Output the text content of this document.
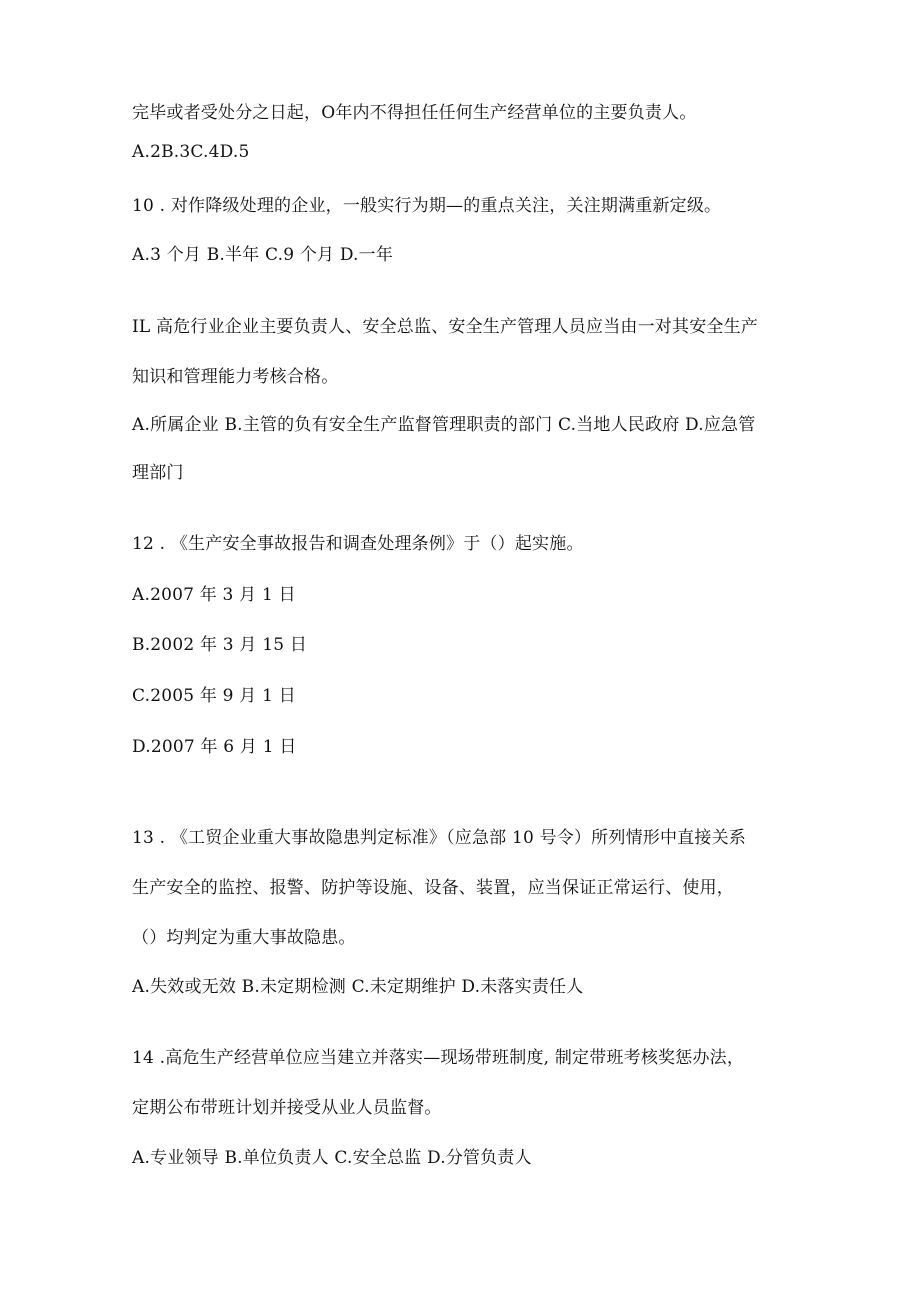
完毕或者受处分之日起，O年内不得担任任何生产经营单位的主要负责人。
A.2B.3C.4D.5
10 . 对作降级处理的企业，一般实行为期—的重点关注，关注期满重新定级。
A.3 个月 B.半年 C.9 个月 D.一年
IL 高危行业企业主要负责人、安全总监、安全生产管理人员应当由一对其安全生产
知识和管理能力考核合格。
A.所属企业 B.主管的负有安全生产监督管理职责的部门 C.当地人民政府 D.应急管
理部门
12 . 《生产安全事故报告和调查处理条例》于（）起实施。
A.2007 年 3 月 1 日
B.2002 年 3 月 15 日
C.2005 年 9 月 1 日
D.2007 年 6 月 1 日
13 . 《工贸企业重大事故隐患判定标准》（应急部 10 号令）所列情形中直接关系
生产安全的监控、报警、防护等设施、设备、装置，应当保证正常运行、使用，
（）均判定为重大事故隐患。
A.失效或无效 B.未定期检测 C.未定期维护 D.未落实责任人
14 .高危生产经营单位应当建立并落实—现场带班制度, 制定带班考核奖惩办法，
定期公布带班计划并接受从业人员监督。
A.专业领导 B.单位负责人 C.安全总监 D.分管负责人
